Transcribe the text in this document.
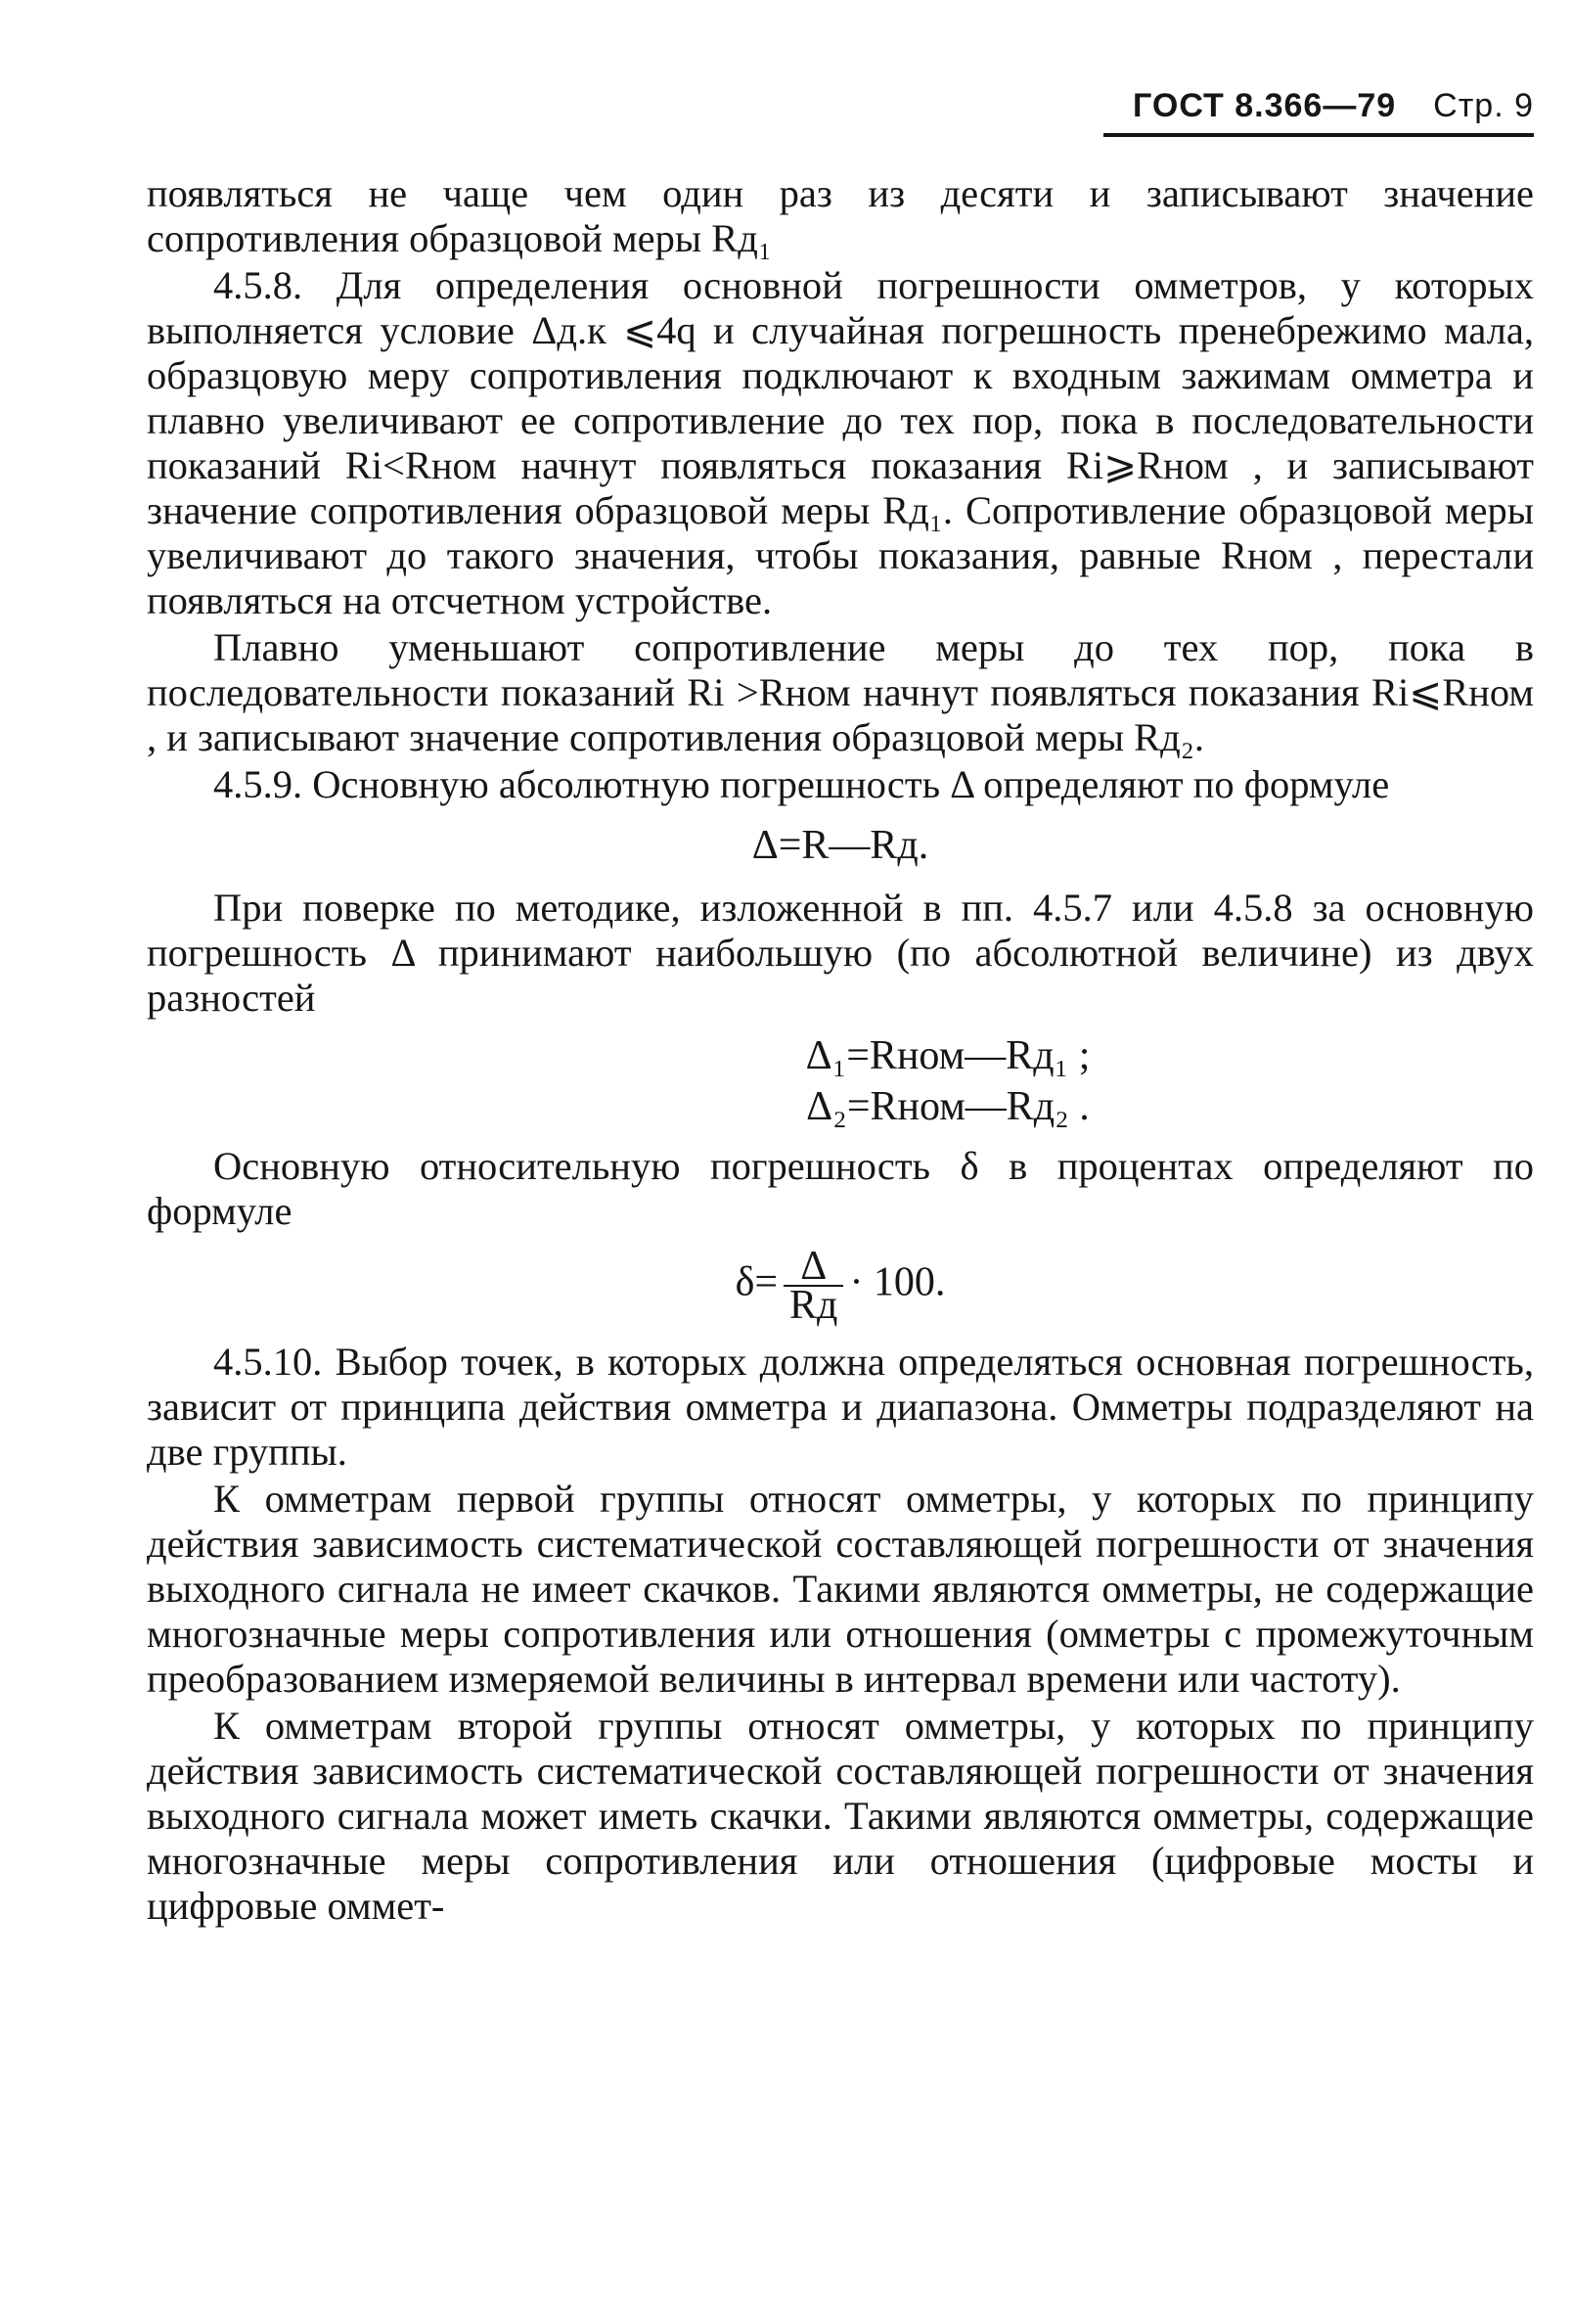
ГОСТ 8.366—79 Стр. 9

появляться не чаще чем один раз из десяти и записывают значение сопротивления образцовой меры Rд₁

4.5.8. Для определения основной погрешности омметров, у которых выполняется условие Δд.к ⩽4q и случайная погрешность пренебрежимо мала, образцовую меру сопротивления подключают к входным зажимам омметра и плавно увеличивают ее сопротивление до тех пор, пока в последовательности показаний Ri<Rном начнут появляться показания Ri⩾Rном , и записывают значение сопротивления образцовой меры Rд₁. Сопротивление образцовой меры увеличивают до такого значения, чтобы показания, равные Rном , перестали появляться на отсчетном устройстве.

Плавно уменьшают сопротивление меры до тех пор, пока в последовательности показаний Ri >Rном начнут появляться показания Ri⩽Rном , и записывают значение сопротивления образцовой меры Rд₂.

4.5.9. Основную абсолютную погрешность Δ определяют по формуле

Δ=R—Rд.

При поверке по методике, изложенной в пп. 4.5.7 или 4.5.8 за основную погрешность Δ принимают наибольшую (по абсолютной величине) из двух разностей

Δ₁=Rном—Rд₁ ;
Δ₂=Rном—Rд₂ .

Основную относительную погрешность δ в процентах определяют по формуле

$\delta= \frac{\Delta}{Rд} \cdot 100$.

4.5.10. Выбор точек, в которых должна определяться основная погрешность, зависит от принципа действия омметра и диапазона. Омметры подразделяют на две группы.

К омметрам первой группы относят омметры, у которых по принципу действия зависимость систематической составляющей погрешности от значения выходного сигнала не имеет скачков. Такими являются омметры, не содержащие многозначные меры сопротивления или отношения (омметры с промежуточным преобразованием измеряемой величины в интервал времени или частоту).

К омметрам второй группы относят омметры, у которых по принципу действия зависимость систематической составляющей погрешности от значения выходного сигнала может иметь скачки. Такими являются омметры, содержащие многозначные меры сопротивления или отношения (цифровые мосты и цифровые оммет-
